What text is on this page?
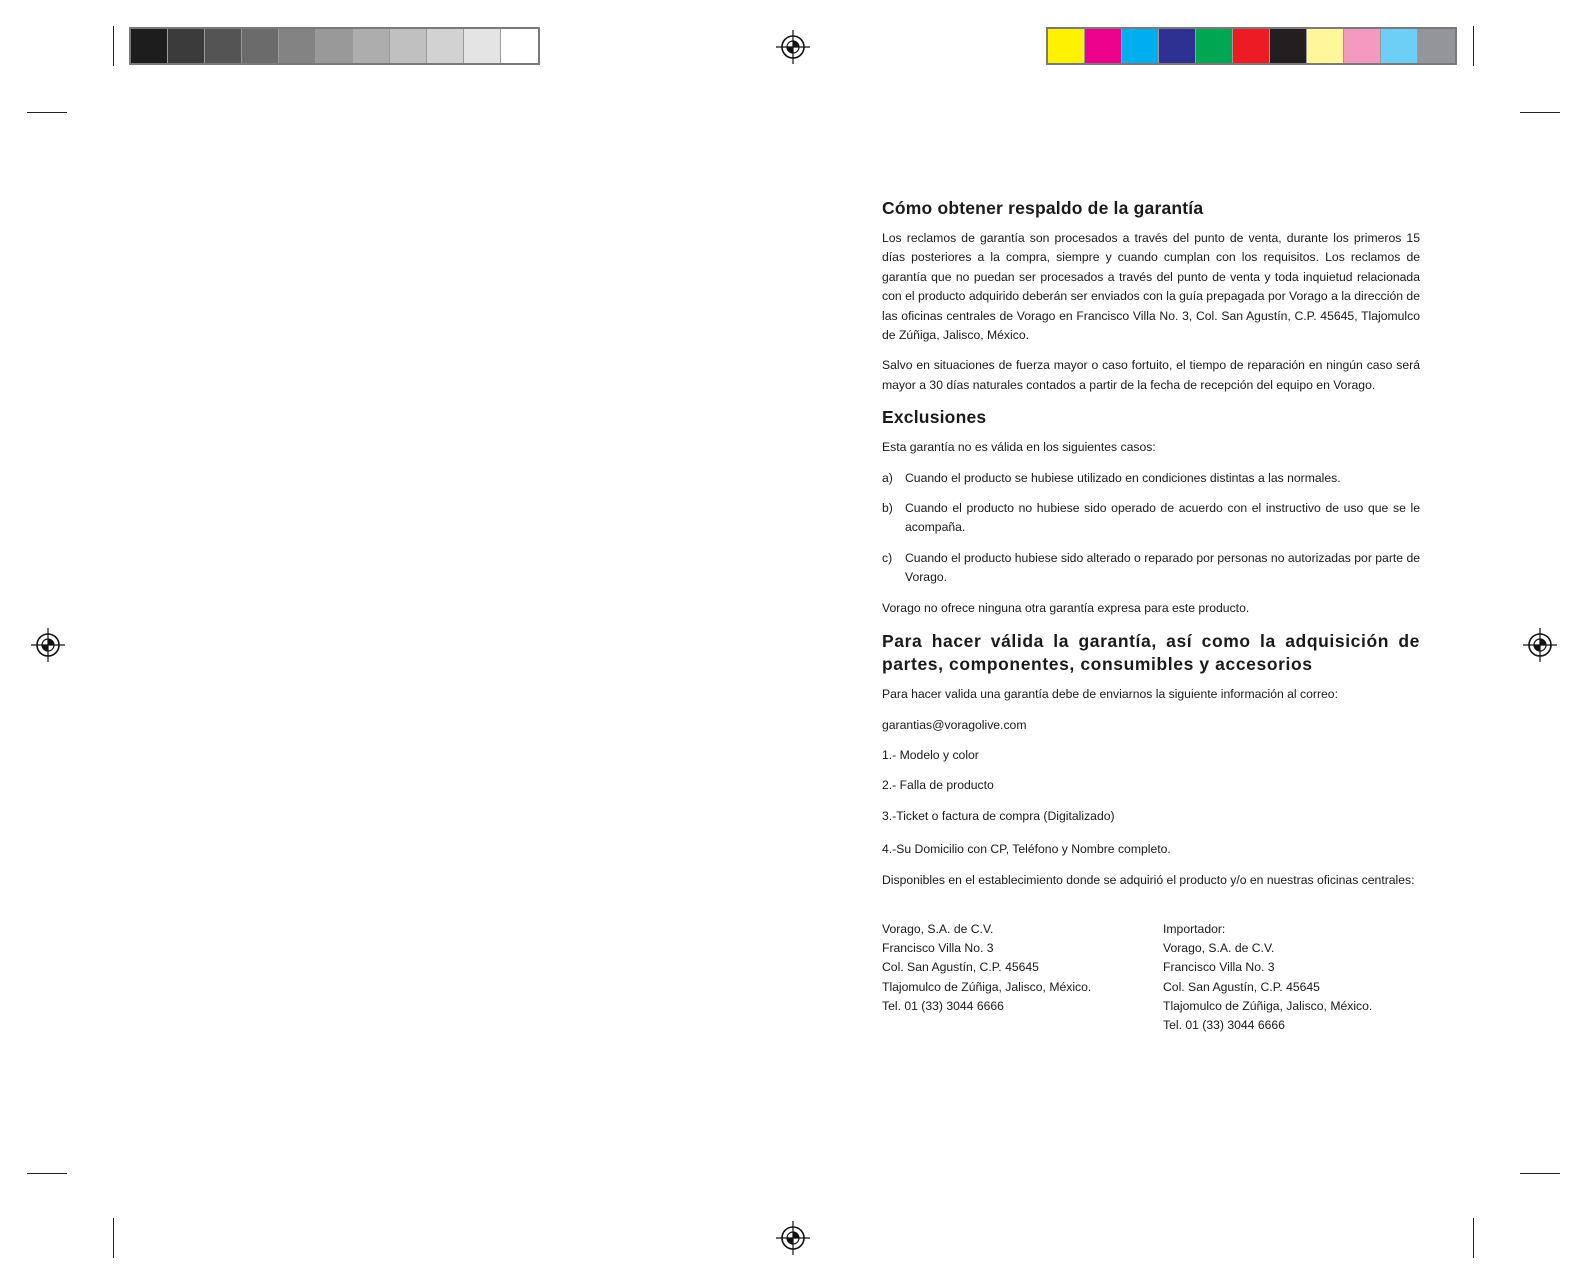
Cómo obtener respaldo de la garantía

Los reclamos de garantía son procesados a través del punto de venta, durante los primeros 15 días posteriores a la compra, siempre y cuando cumplan con los requisitos. Los reclamos de garantía que no puedan ser procesados a través del punto de venta y toda inquietud relacionada con el producto adquirido deberán ser enviados con la guía prepagada por Vorago a la dirección de las oficinas centrales de Vorago en Francisco Villa No. 3, Col. San Agustín, C.P. 45645, Tlajomulco de Zúñiga, Jalisco, México.

Salvo en situaciones de fuerza mayor o caso fortuito, el tiempo de reparación en ningún caso será mayor a 30 días naturales contados a partir de la fecha de recepción del equipo en Vorago.

Exclusiones

Esta garantía no es válida en los siguientes casos:

a) Cuando el producto se hubiese utilizado en condiciones distintas a las normales.
b) Cuando el producto no hubiese sido operado de acuerdo con el instructivo de uso que se le acompaña.
c)	Cuando el producto hubiese sido alterado o reparado por personas no autorizadas por parte de Vorago.

Vorago no ofrece ninguna otra garantía expresa para este producto.

Para hacer válida la garantía, así como la adquisición de partes, componentes, consumibles y accesorios

Para hacer valida una garantía debe de enviarnos la siguiente información al correo:

garantias@voragolive.com

1.- Modelo y color

2.- Falla de producto

3.-Ticket o factura de compra (Digitalizado)

4.-Su Domicilio con CP, Teléfono y Nombre completo.

Disponibles en el establecimiento donde se adquirió el producto y/o en nuestras oficinas centrales:

Vorago, S.A. de C.V.
Francisco Villa No. 3
Col. San Agustín, C.P. 45645
Tlajomulco de Zúñiga, Jalisco, México.
Tel. 01 (33) 3044 6666
Importador:
Vorago, S.A. de C.V.
Francisco Villa No. 3
Col. San Agustín, C.P. 45645
Tlajomulco de Zúñiga, Jalisco, México.
Tel. 01 (33) 3044 6666
